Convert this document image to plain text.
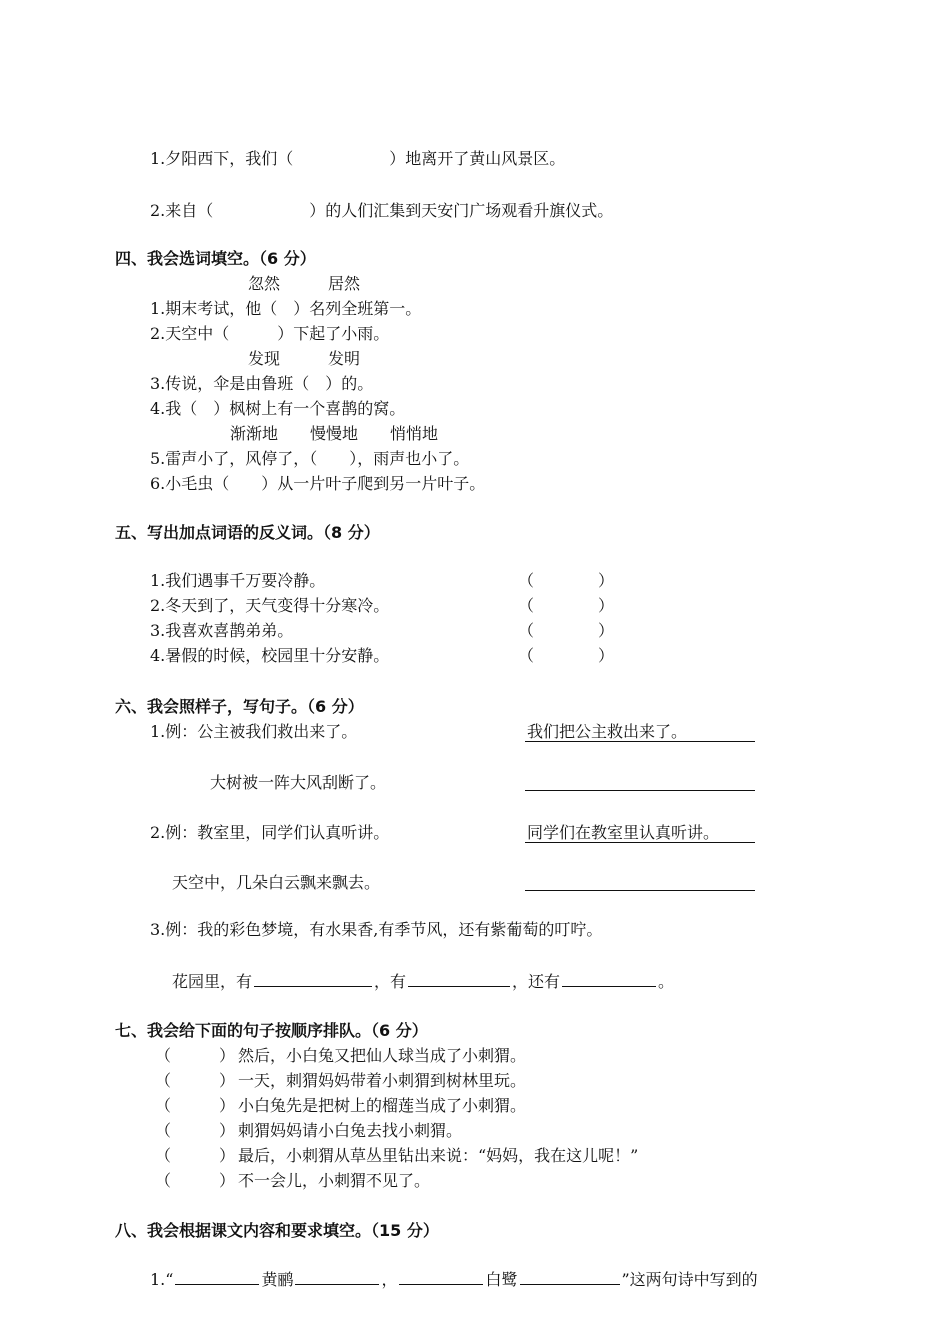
1.夕阳西下，我们（　　　　　　）地离开了黄山风景区。
2.来自（　　　　　　）的人们汇集到天安门广场观看升旗仪式。
四、我会选词填空。（6 分）
忽然　　　居然
1.期末考试，他（　）名列全班第一。
2.天空中（　　　）下起了小雨。
发现　　　发明
3.传说，伞是由鲁班（　）的。
4.我（　）枫树上有一个喜鹊的窝。
渐渐地　　慢慢地　　悄悄地
5.雷声小了，风停了，（　　），雨声也小了。
6.小毛虫（　　）从一片叶子爬到另一片叶子。
五、写出加点词语的反义词。（8 分）
1.我们遇事千万要冷静。	（　　　　）
2.冬天到了，天气变得十分寒冷。	（　　　　）
3.我喜欢喜鹊弟弟。	（　　　　）
4.暑假的时候，校园里十分安静。	（　　　　）
六、我会照样子，写句子。（6 分）
1.例：公主被我们救出来了。	我们把公主救出来了。
大树被一阵大风刮断了。
2.例：教室里，同学们认真听讲。	同学们在教室里认真听讲。
天空中，几朵白云飘来飘去。
3.例：我的彩色梦境，有水果香,有季节风，还有紫葡萄的叮咛。
花园里，有	，有	，还有	。
七、我会给下面的句子按顺序排队。（6 分）
（　　　） 然后，小白兔又把仙人球当成了小刺猬。
（　　　） 一天，刺猬妈妈带着小刺猬到树林里玩。
（　　　） 小白兔先是把树上的榴莲当成了小刺猬。
（　　　） 刺猬妈妈请小白兔去找小刺猬。
（　　　） 最后，小刺猬从草丛里钻出来说：“妈妈，我在这儿呢！”
（　　　） 不一会儿，小刺猬不见了。
八、我会根据课文内容和要求填空。（15 分）
1.“	黄鹂	，	白鹭	”这两句诗中写到的
